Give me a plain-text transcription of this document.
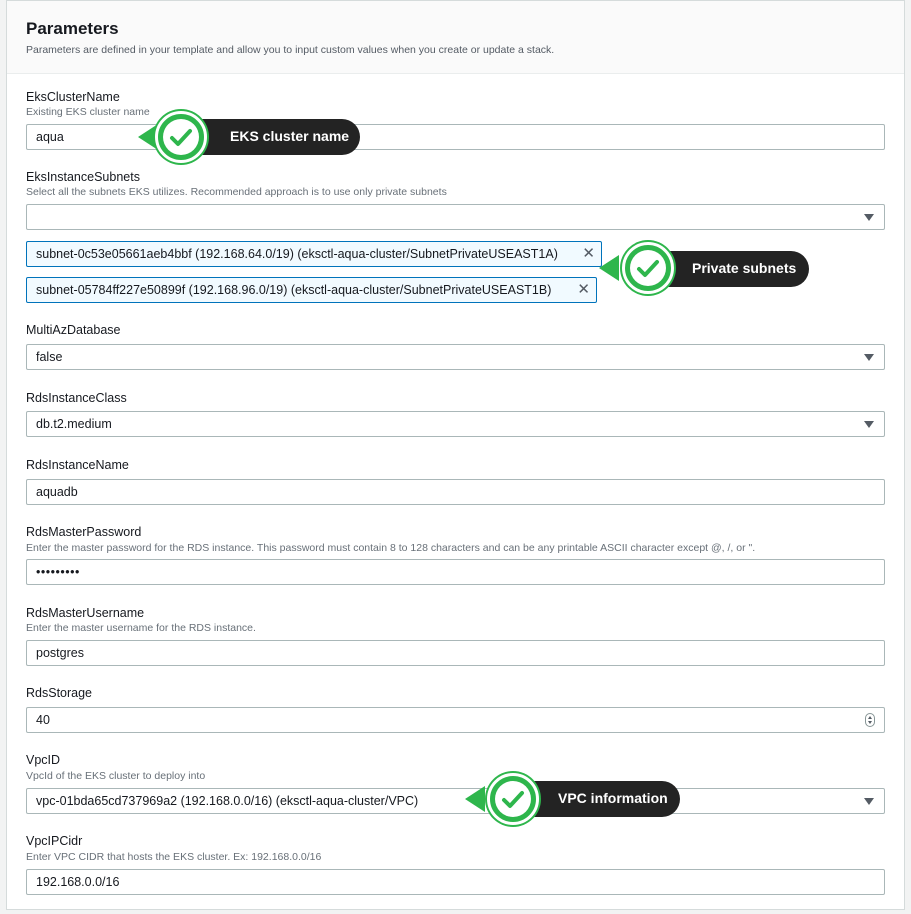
Parameters
Parameters are defined in your template and allow you to input custom values when you create or update a stack.
EksClusterName
Existing EKS cluster name
aqua
EksInstanceSubnets
Select all the subnets EKS utilizes. Recommended approach is to use only private subnets
subnet-0c53e05661aeb4bbf (192.168.64.0/19) (eksctl-aqua-cluster/SubnetPrivateUSEAST1A) ✕
subnet-05784ff227e50899f (192.168.96.0/19) (eksctl-aqua-cluster/SubnetPrivateUSEAST1B) ✕
MultiAzDatabase
false
RdsInstanceClass
db.t2.medium
RdsInstanceName
aquadb
RdsMasterPassword
Enter the master password for the RDS instance. This password must contain 8 to 128 characters and can be any printable ASCII character except @, /, or ".
•••••••••
RdsMasterUsername
Enter the master username for the RDS instance.
postgres
RdsStorage
40
VpcID
VpcId of the EKS cluster to deploy into
vpc-01bda65cd737969a2 (192.168.0.0/16) (eksctl-aqua-cluster/VPC)
VpcIPCidr
Enter VPC CIDR that hosts the EKS cluster. Ex: 192.168.0.0/16
192.168.0.0/16
EKS cluster name
Private subnets
VPC information
